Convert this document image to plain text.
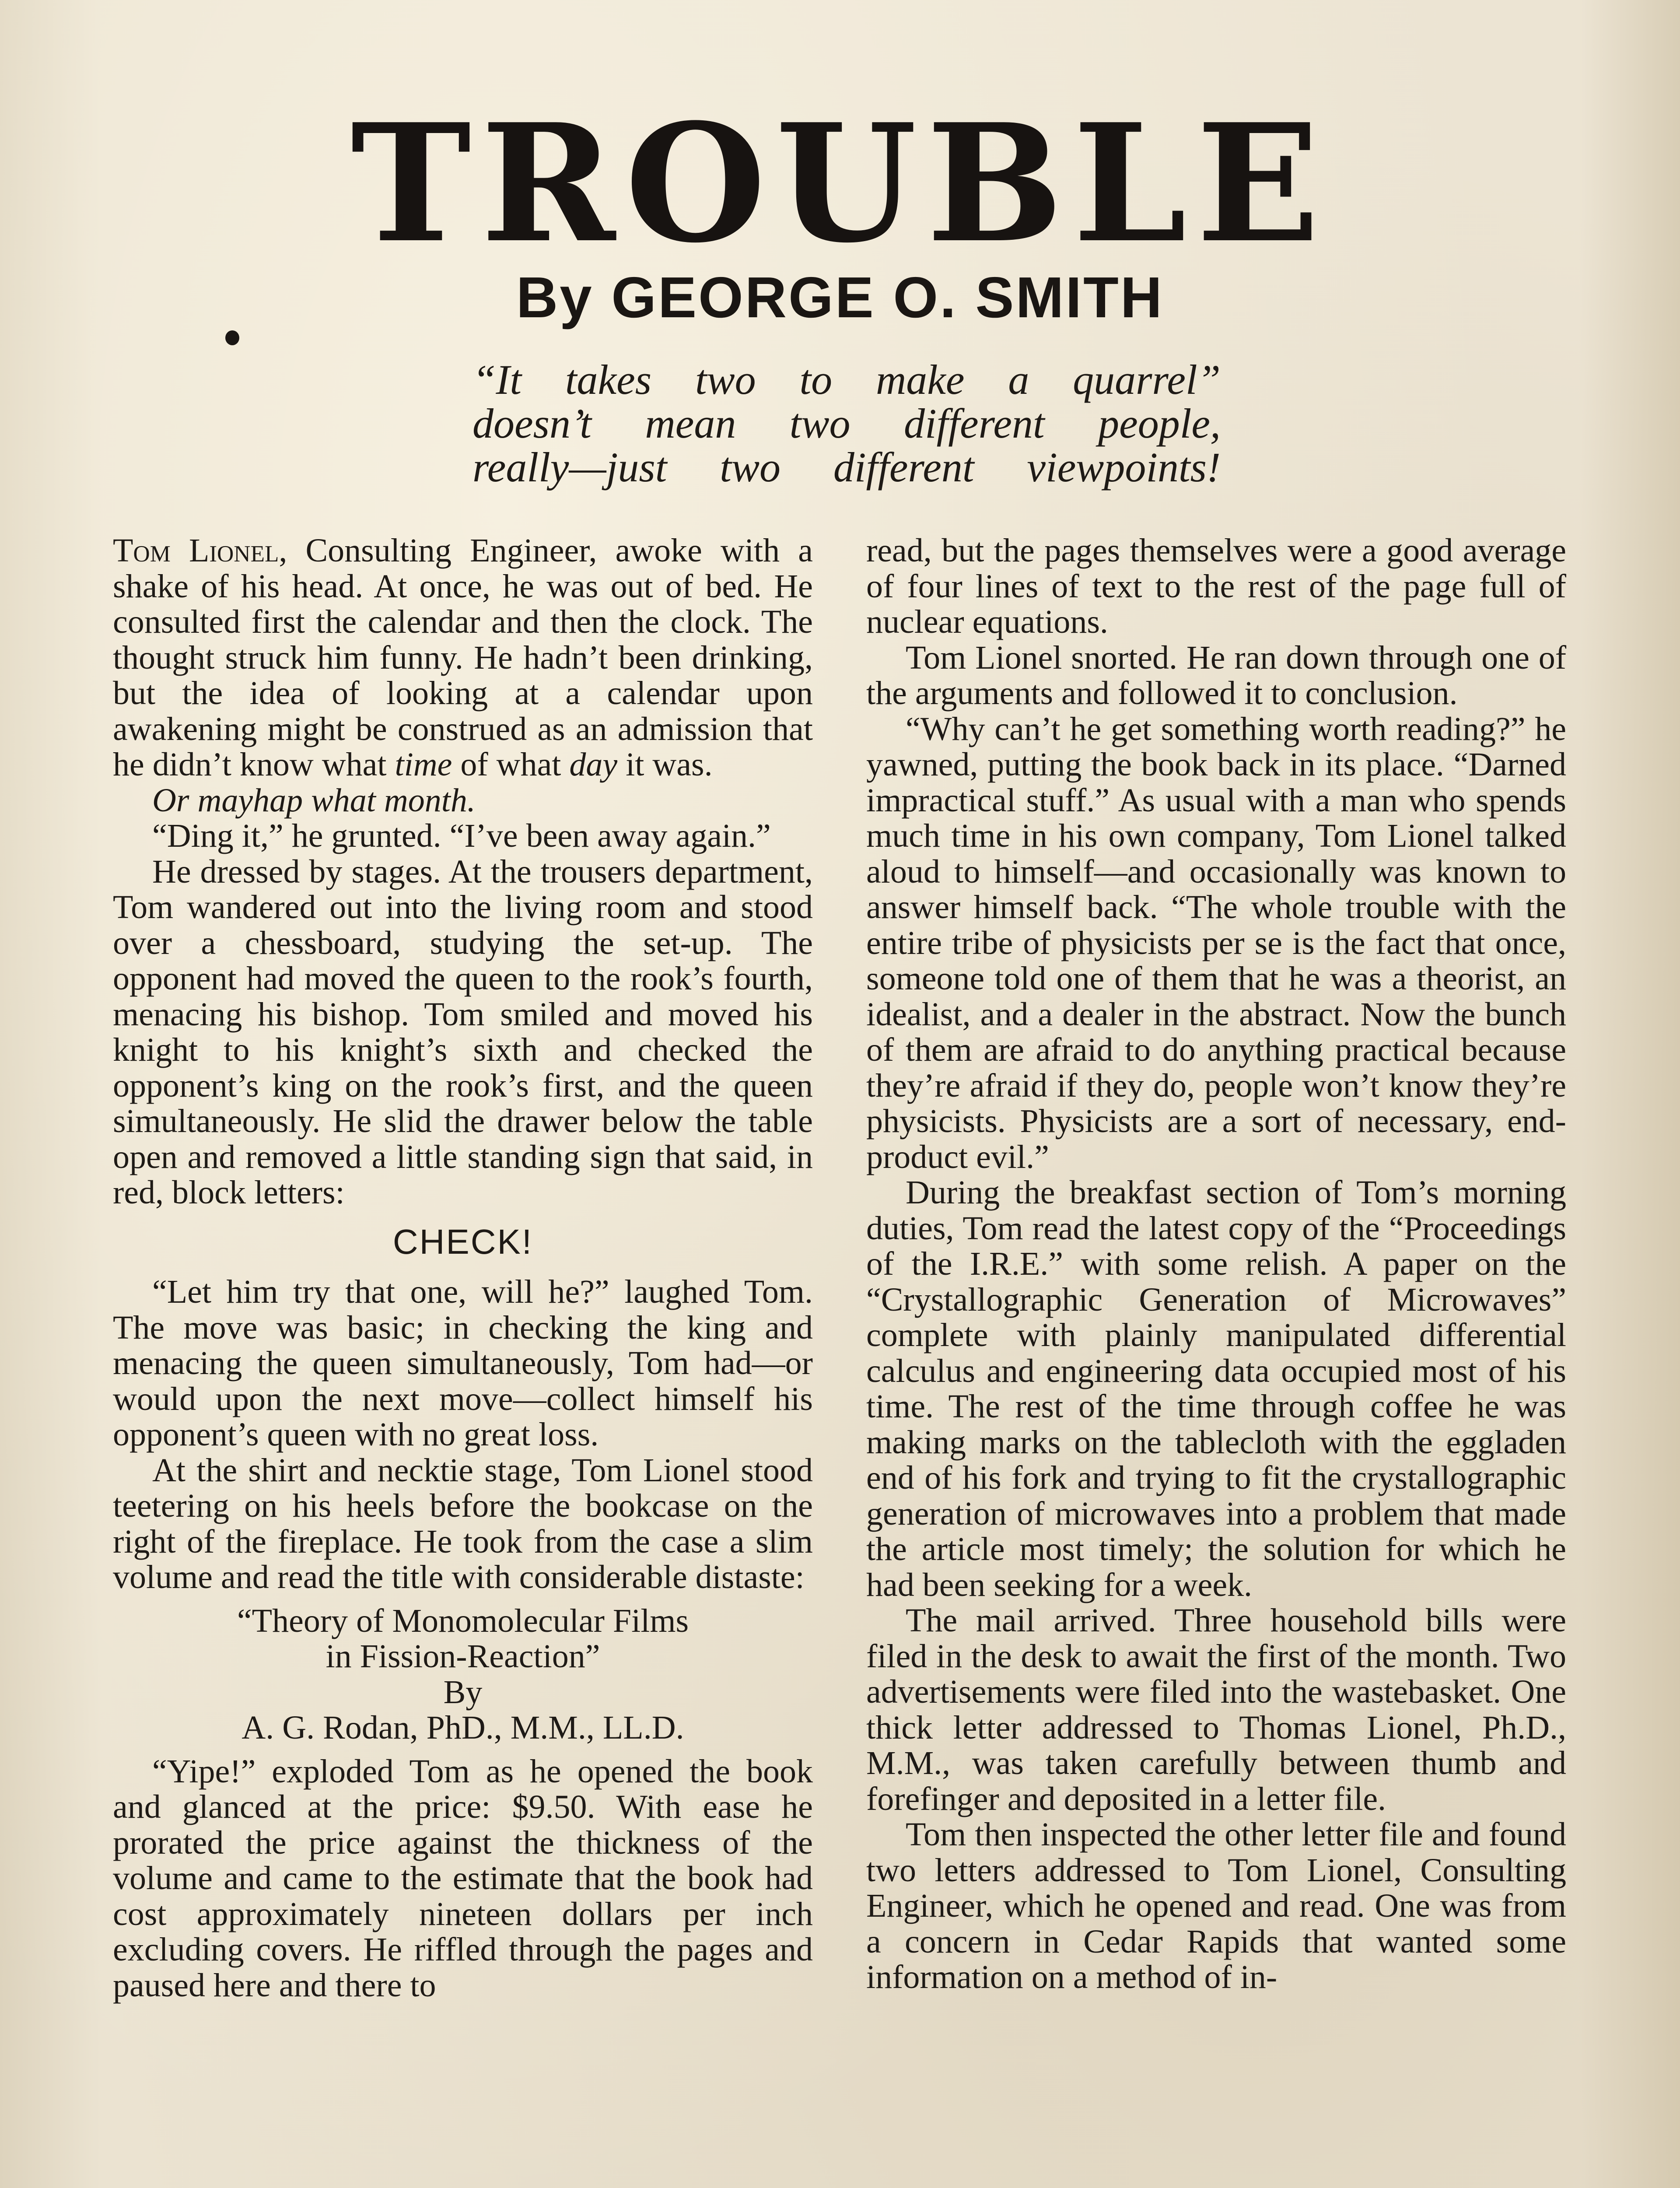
TROUBLE
By GEORGE O. SMITH
“It takes two to make a quarrel”
doesn’t mean two different people,
really—just two different viewpoints!

Tom Lionel, Consulting Engineer, awoke with a shake of his head. At once, he was out of bed. He consulted first the calendar and then the clock. The thought struck him funny. He hadn’t been drinking, but the idea of looking at a calendar upon awakening might be construed as an admission that he didn’t know what time of what day it was.

Or mayhap what month.

“Ding it,” he grunted. “I’ve been away again.”

He dressed by stages. At the trousers department, Tom wandered out into the living room and stood over a chessboard, studying the set-up. The opponent had moved the queen to the rook’s fourth, menacing his bishop. Tom smiled and moved his knight to his knight’s sixth and checked the opponent’s king on the rook’s first, and the queen simultaneously. He slid the drawer below the table open and removed a little standing sign that said, in red, block letters:

CHECK!

“Let him try that one, will he?” laughed Tom. The move was basic; in checking the king and menacing the queen simultaneously, Tom had—or would upon the next move—collect himself his opponent’s queen with no great loss.

At the shirt and necktie stage, Tom Lionel stood teetering on his heels before the bookcase on the right of the fireplace. He took from the case a slim volume and read the title with considerable distaste:

“Theory of Monomolecular Films
in Fission-Reaction”
By
A. G. Rodan, PhD., M.M., LL.D.

“Yipe!” exploded Tom as he opened the book and glanced at the price: $9.50. With ease he prorated the price against the thickness of the volume and came to the estimate that the book had cost approximately nineteen dollars per inch excluding covers. He riffled through the pages and paused here and there to

read, but the pages themselves were a good average of four lines of text to the rest of the page full of nuclear equations.

Tom Lionel snorted. He ran down through one of the arguments and followed it to conclusion.

“Why can’t he get something worth reading?” he yawned, putting the book back in its place. “Darned impractical stuff.” As usual with a man who spends much time in his own company, Tom Lionel talked aloud to himself—and occasionally was known to answer himself back. “The whole trouble with the entire tribe of physicists per se is the fact that once, someone told one of them that he was a theorist, an idealist, and a dealer in the abstract. Now the bunch of them are afraid to do anything practical because they’re afraid if they do, people won’t know they’re physicists. Physicists are a sort of necessary, end-product evil.”

During the breakfast section of Tom’s morning duties, Tom read the latest copy of the “Proceedings of the I.R.E.” with some relish. A paper on the “Crystallographic Generation of Microwaves” complete with plainly manipulated differential calculus and engineering data occupied most of his time. The rest of the time through coffee he was making marks on the tablecloth with the eggladen end of his fork and trying to fit the crystallographic generation of microwaves into a problem that made the article most timely; the solution for which he had been seeking for a week.

The mail arrived. Three household bills were filed in the desk to await the first of the month. Two advertisements were filed into the wastebasket. One thick letter addressed to Thomas Lionel, Ph.D., M.M., was taken carefully between thumb and forefinger and deposited in a letter file.

Tom then inspected the other letter file and found two letters addressed to Tom Lionel, Consulting Engineer, which he opened and read. One was from a concern in Cedar Rapids that wanted some information on a method of in-
